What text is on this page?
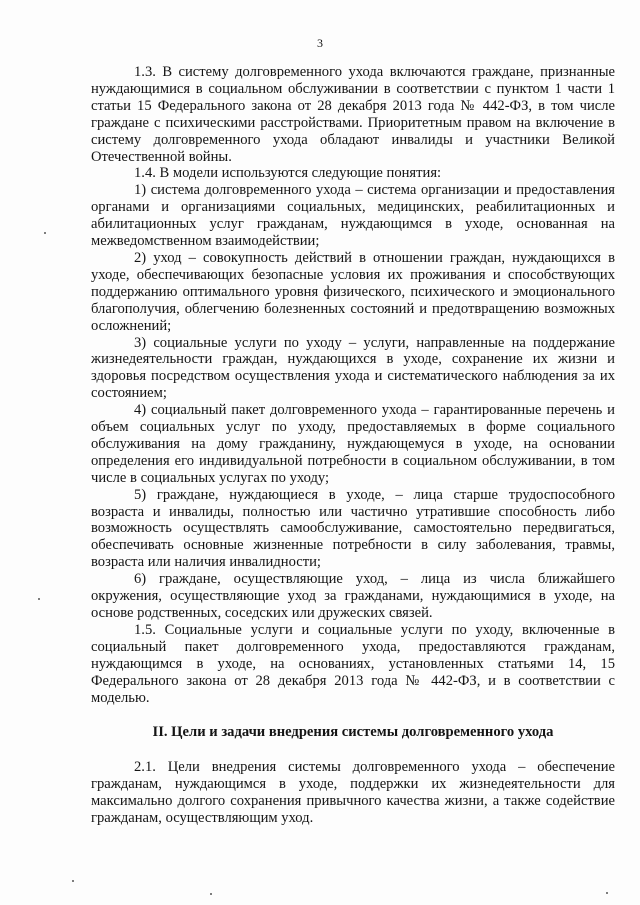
3

1.3. В систему долговременного ухода включаются граждане, признанные нуждающимися в социальном обслуживании в соответствии с пунктом 1 части 1 статьи 15 Федерального закона от 28 декабря 2013 года № 442-ФЗ, в том числе граждане с психическими расстройствами. Приоритетным правом на включение в систему долговременного ухода обладают инвалиды и участники Великой Отечественной войны.

1.4. В модели используются следующие понятия:

1) система долговременного ухода – система организации и предоставления органами и организациями социальных, медицинских, реабилитационных и абилитационных услуг гражданам, нуждающимся в уходе, основанная на межведомственном взаимодействии;

2) уход – совокупность действий в отношении граждан, нуждающихся в уходе, обеспечивающих безопасные условия их проживания и способствующих поддержанию оптимального уровня физического, психического и эмоционального благополучия, облегчению болезненных состояний и предотвращению возможных осложнений;

3) социальные услуги по уходу – услуги, направленные на поддержание жизнедеятельности граждан, нуждающихся в уходе, сохранение их жизни и здоровья посредством осуществления ухода и систематического наблюдения за их состоянием;

4) социальный пакет долговременного ухода – гарантированные перечень и объем социальных услуг по уходу, предоставляемых в форме социального обслуживания на дому гражданину, нуждающемуся в уходе, на основании определения его индивидуальной потребности в социальном обслуживании, в том числе в социальных услугах по уходу;

5) граждане, нуждающиеся в уходе, – лица старше трудоспособного возраста и инвалиды, полностью или частично утратившие способность либо возможность осуществлять самообслуживание, самостоятельно передвигаться, обеспечивать основные жизненные потребности в силу заболевания, травмы, возраста или наличия инвалидности;

6) граждане, осуществляющие уход, – лица из числа ближайшего окружения, осуществляющие уход за гражданами, нуждающимися в уходе, на основе родственных, соседских или дружеских связей.

1.5. Социальные услуги и социальные услуги по уходу, включенные в социальный пакет долговременного ухода, предоставляются гражданам, нуждающимся в уходе, на основаниях, установленных статьями 14, 15 Федерального закона от 28 декабря 2013 года № 442-ФЗ, и в соответствии с моделью.

II. Цели и задачи внедрения системы долговременного ухода

2.1. Цели внедрения системы долговременного ухода – обеспечение гражданам, нуждающимся в уходе, поддержки их жизнедеятельности для максимально долгого сохранения привычного качества жизни, а также содействие гражданам, осуществляющим уход.
